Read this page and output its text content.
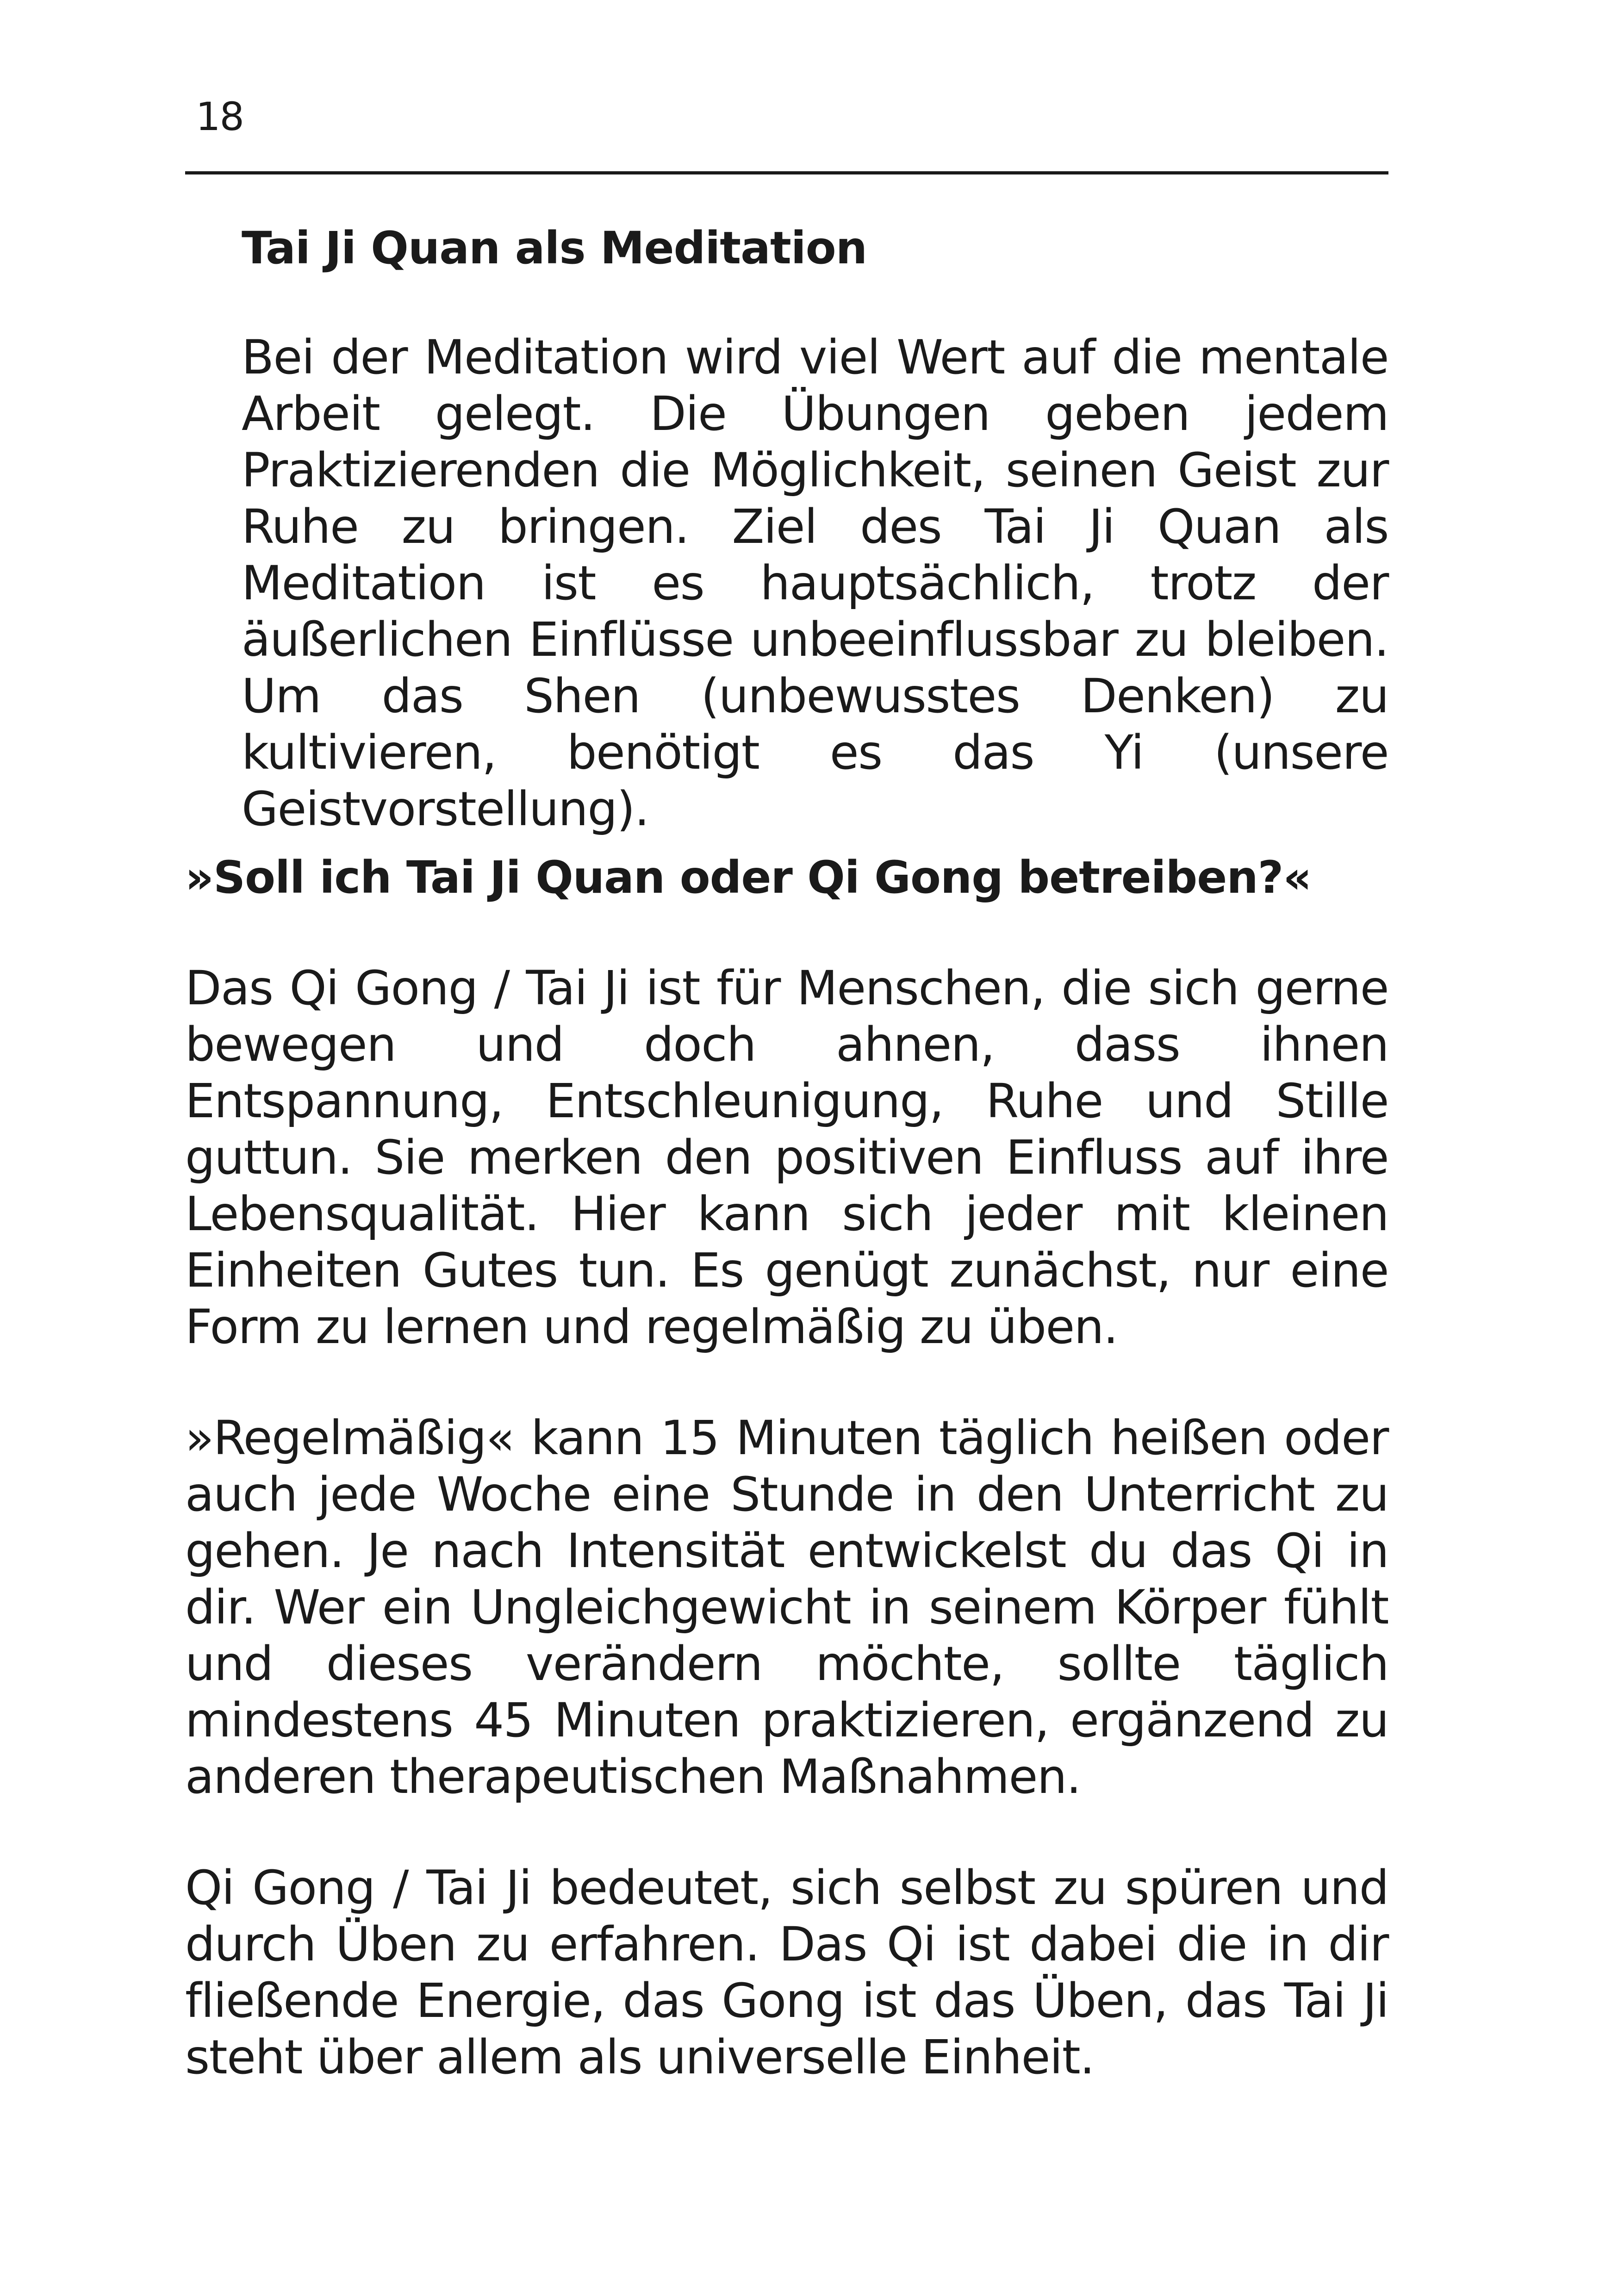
18
Tai Ji Quan als Meditation

Bei der Meditation wird viel Wert auf die mentale Arbeit gelegt. Die Übungen geben jedem Praktizierenden die Möglichkeit, seinen Geist zur Ruhe zu bringen. Ziel des Tai Ji Quan als Meditation ist es hauptsächlich, trotz der äußerlichen Einflüsse unbeeinflussbar zu bleiben. Um das Shen (unbewusstes Denken) zu kultivieren, benötigt es das Yi (unsere Geistvorstellung).

»Soll ich Tai Ji Quan oder Qi Gong betreiben?«

Das Qi Gong / Tai Ji ist für Menschen, die sich gerne bewegen und doch ahnen, dass ihnen Entspannung, Entschleunigung, Ruhe und Stille guttun. Sie merken den positiven Einfluss auf ihre Lebensqualität. Hier kann sich jeder mit kleinen Einheiten Gutes tun. Es genügt zunächst, nur eine Form zu lernen und regelmäßig zu üben.

»Regelmäßig« kann 15 Minuten täglich heißen oder auch jede Woche eine Stunde in den Unterricht zu gehen. Je nach Intensität entwickelst du das Qi in dir. Wer ein Ungleichgewicht in seinem Körper fühlt und dieses verändern möchte, sollte täglich mindestens 45 Minuten praktizieren, ergänzend zu anderen therapeutischen Maßnahmen.

Qi Gong / Tai Ji bedeutet, sich selbst zu spüren und durch Üben zu erfahren. Das Qi ist dabei die in dir fließende Energie, das Gong ist das Üben, das Tai Ji steht über allem als universelle Einheit.
